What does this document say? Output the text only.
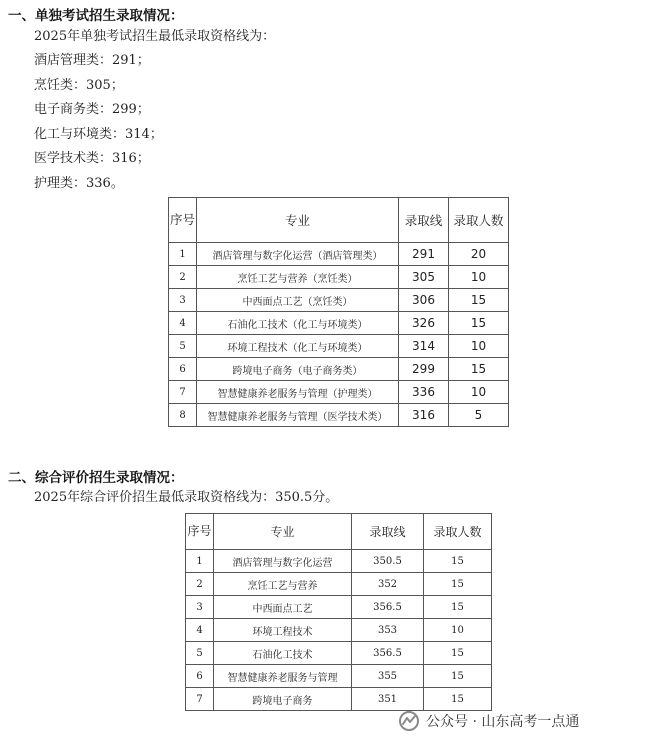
一、单独考试招生录取情况：
2025年单独考试招生最低录取资格线为：
酒店管理类：291；
烹饪类：305；
电子商务类：299；
化工与环境类：314；
医学技术类：316；
护理类：336。
序号	专业	录取线	录取人数
1	酒店管理与数字化运营（酒店管理类）	291	20
2	烹饪工艺与营养（烹饪类）	305	10
3	中西面点工艺（烹饪类）	306	15
4	石油化工技术（化工与环境类）	326	15
5	环境工程技术（化工与环境类）	314	10
6	跨境电子商务（电子商务类）	299	15
7	智慧健康养老服务与管理（护理类）	336	10
8	智慧健康养老服务与管理（医学技术类）	316	5
二、综合评价招生录取情况：
2025年综合评价招生最低录取资格线为：350.5分。
序号	专业	录取线	录取人数
1	酒店管理与数字化运营	350.5	15
2	烹饪工艺与营养	352	15
3	中西面点工艺	356.5	15
4	环境工程技术	353	10
5	石油化工技术	356.5	15
6	智慧健康养老服务与管理	355	15
7	跨境电子商务	351	15
公众号 · 山东高考一点通
